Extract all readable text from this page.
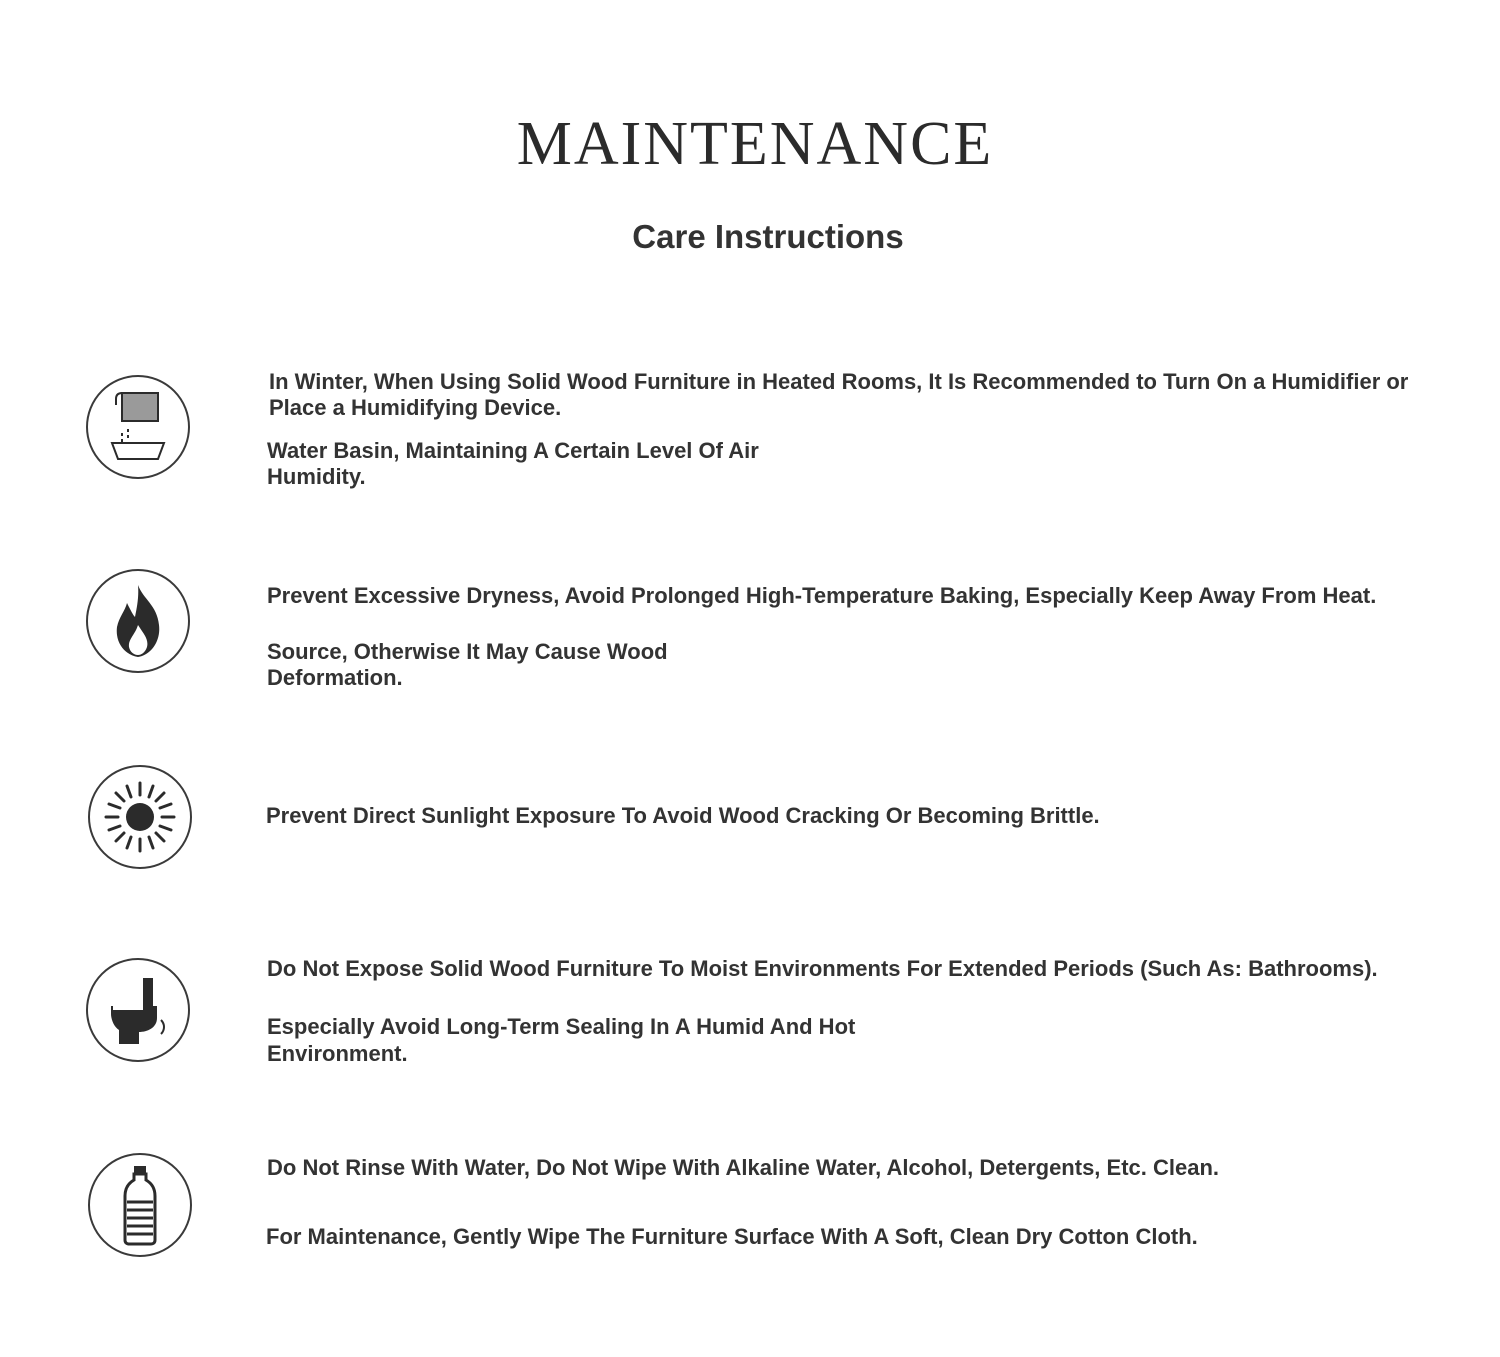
MAINTENANCE
Care Instructions
In Winter, When Using Solid Wood Furniture in Heated Rooms, It Is Recommended to Turn On a Humidifier or
Place a Humidifying Device.
Water Basin, Maintaining A Certain Level Of Air
Humidity.
Prevent Excessive Dryness, Avoid Prolonged High-Temperature Baking, Especially Keep Away From Heat.
Source, Otherwise It May Cause Wood
Deformation.
Prevent Direct Sunlight Exposure To Avoid Wood Cracking Or Becoming Brittle.
Do Not Expose Solid Wood Furniture To Moist Environments For Extended Periods (Such As: Bathrooms).
Especially Avoid Long-Term Sealing In A Humid And Hot
Environment.
Do Not Rinse With Water, Do Not Wipe With Alkaline Water, Alcohol, Detergents, Etc. Clean.
For Maintenance, Gently Wipe The Furniture Surface With A Soft, Clean Dry Cotton Cloth.
